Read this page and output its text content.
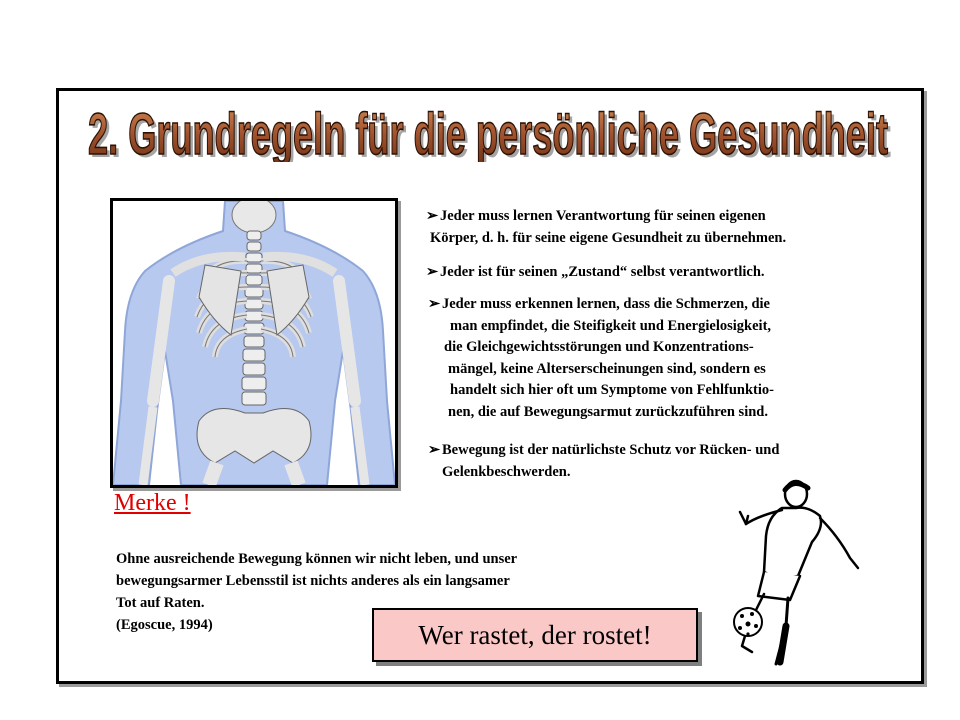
2. Grundregeln für die persönliche Gesundheit
2. Grundregeln für die persönliche Gesundheit
➢ Jeder muss lernen Verantwortung für seinen eigenen
Körper, d. h. für seine eigene Gesundheit zu übernehmen.
➢ Jeder ist für seinen „Zustand“ selbst verantwortlich.
➢ Jeder muss erkennen lernen, dass die Schmerzen, die
man empfindet, die Steifigkeit und Energielosigkeit,
die Gleichgewichtsstörungen und Konzentrations-
mängel, keine Alterserscheinungen sind, sondern es
handelt sich hier oft um Symptome von Fehlfunktio-
nen, die auf Bewegungsarmut zurückzuführen sind.
➢ Bewegung ist der natürlichste Schutz vor Rücken- und
Gelenkbeschwerden.
Merke !
Ohne ausreichende Bewegung können wir nicht leben, und unser
bewegungsarmer Lebensstil ist nichts anderes als ein langsamer
Tot auf Raten.
(Egoscue, 1994)	Wer rastet, der rostet!
